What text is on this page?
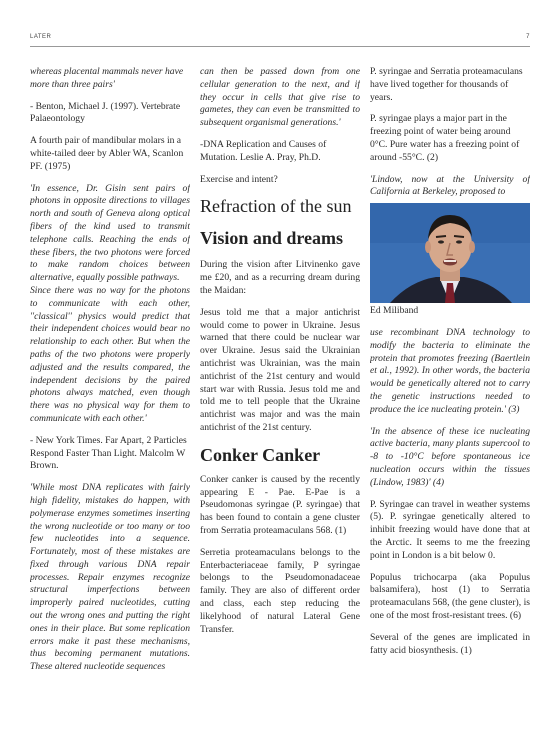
LATER	7

whereas placental mammals never have more than three pairs'

- Benton, Michael J. (1997). Vertebrate Palaeontology

A fourth pair of mandibular molars in a white-tailed deer by Abler WA, Scanlon PF. (1975)

'In essence, Dr. Gisin sent pairs of photons in opposite directions to villages north and south of Geneva along optical fibers of the kind used to transmit telephone calls. Reaching the ends of these fibers, the two photons were forced to make random choices between alternative, equally possible pathways.

Since there was no way for the photons to communicate with each other, ''classical'' physics would predict that their independent choices would bear no relationship to each other. But when the paths of the two photons were properly adjusted and the results compared, the independent decisions by the paired photons always matched, even though there was no physical way for them to communicate with each other.'

- New York Times. Far Apart, 2 Particles Respond Faster Than Light. Malcolm W Brown.

'While most DNA replicates with fairly high fidelity, mistakes do happen, with polymerase enzymes sometimes inserting the wrong nucleotide or too many or too few nucleotides into a sequence. Fortunately, most of these mistakes are fixed through various DNA repair processes. Repair enzymes recognize structural imperfections between improperly paired nucleotides, cutting out the wrong ones and putting the right ones in their place. But some replication errors make it past these mechanisms, thus becoming permanent mutations. These altered nucleotide sequences

can then be passed down from one cellular generation to the next, and if they occur in cells that give rise to gametes, they can even be transmitted to subsequent organismal generations.'

-DNA Replication and Causes of Mutation. Leslie A. Pray, Ph.D.

Exercise and intent?

Refraction of the sun
Vision and dreams

During the vision after Litvinenko gave me £20, and as a recurring dream during the Maidan:

Jesus told me that a major antichrist would come to power in Ukraine. Jesus warned that there could be nuclear war over Ukraine. Jesus said the Ukrainian antichrist was Ukrainian, was the main antichrist of the 21st century and would start war with Russia. Jesus told me and told me to tell people that the Ukraine antichrist was major and was the main antichrist of the 21st century.

Conker Canker

Conker canker is caused by the recently appearing E - Pae. E-Pae is a Pseudomonas syringae (P. syringae) that has been found to contain a gene cluster from Serratia proteamaculans 568. (1)

Serretia proteamaculans belongs to the Enterbacteriaceae family, P syringae belongs to the Pseudomonadaceae family. They are also of different order and class, each step reducing the likelyhood of natural Lateral Gene Transfer.

P. syringae and Serratia proteamaculans have lived together for thousands of years.

P. syringae plays a major part in the freezing point of water being around 0°C. Pure water has a freezing point of around -55°C. (2)

'Lindow, now at the University of California at Berkeley, proposed to

Ed Miliband

use recombinant DNA technology to modify the bacteria to eliminate the protein that promotes freezing (Baertlein et al., 1992). In other words, the bacteria would be genetically altered not to carry the genetic instructions needed to produce the ice nucleating protein.' (3)

'In the absence of these ice nucleating active bacteria, many plants supercool to -8 to -10°C before spontaneous ice nucleation occurs within the tissues (Lindow, 1983)' (4)

P. Syringae can travel in weather systems (5). P. syringae genetically altered to inhibit freezing would have done that at the Arctic. It seems to me the freezing point in London is a bit below 0.

Populus trichocarpa (aka Populus balsamifera), host (1) to Serratia proteamaculans 568, (the gene cluster), is one of the most frost-resistant trees. (6)

Several of the genes are implicated in fatty acid biosynthesis. (1)
